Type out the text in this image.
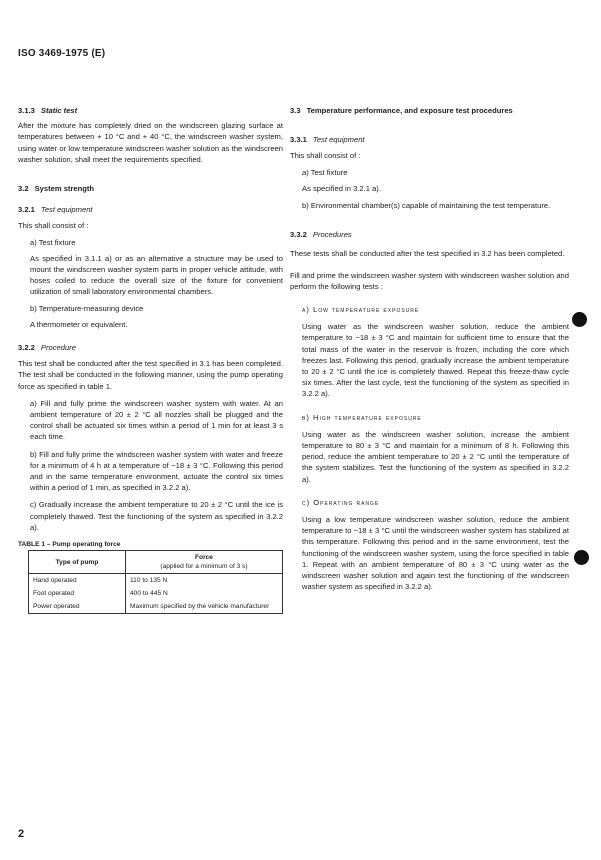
ISO 3469-1975 (E)

3.1.3 Static test

After the mixture has completely dried on the windscreen glazing surface at temperatures between + 10 °C and + 40 °C, the windscreen washer system, using water or low temperature windscreen washer solution as the windscreen washer solution, shall meet the requirements specified.

3.2 System strength

3.2.1 Test equipment

This shall consist of :

a) Test fixture

As specified in 3.1.1 a) or as an alternative a structure may be used to mount the windscreen washer system parts in proper vehicle attitude, with hoses coiled to reduce the overall size of the fixture for convenient utilization of small laboratory environmental chambers.

b) Temperature-measuring device

A thermometer or equivalent.

3.2.2 Procedure

This test shall be conducted after the test specified in 3.1 has been completed. The test shall be conducted in the following manner, using the pump operating force as specified in table 1.

a) Fill and fully prime the windscreen washer system with water. At an ambient temperature of 20 ± 2 °C all nozzles shall be plugged and the control shall be actuated six times within a period of 1 min for at least 3 s each time.

b) Fill and fully prime the windscreen washer system with water and freeze for a minimum of 4 h at a temperature of −18 ± 3 °C. Following this period and in the same temperature environment, actuate the control six times within a period of 1 min, as specified in 3.2.2 a).

c) Gradually increase the ambient temperature to 20 ± 2 °C until the ice is completely thawed. Test the functioning of the system as specified in 3.2.2 a).

TABLE 1 – Pump operating force

Type of pump	Force
(applied for a minimum of 3 s)
Hand operated	110 to 135 N
Foot operated	400 to 445 N
Power operated	Maximum specified by the vehicle manufacturer

3.3 Temperature performance, and exposure test procedures

3.3.1 Test equipment

This shall consist of :

a) Test fixture

As specified in 3.2.1 a).

b) Environmental chamber(s) capable of maintaining the test temperature.

3.3.2 Procedures

These tests shall be conducted after the test specified in 3.2 has been completed.

Fill and prime the windscreen washer system with windscreen washer solution and perform the following tests :

a) Low temperature exposure

Using water as the windscreen washer solution, reduce the ambient temperature to −18 ± 3 °C and maintain for sufficient time to ensure that the total mass of the water in the reservoir is frozen, including the core which freezes last. Following this period, gradually increase the ambient temperature to 20 ± 2 °C until the ice is completely thawed. Repeat this freeze-thaw cycle six times. After the last cycle, test the functioning of the system as specified in 3.2.2 a).

b) High temperature exposure

Using water as the windscreen washer solution, increase the ambient temperature to 80 ± 3 °C and maintain for a minimum of 8 h. Following this period, reduce the ambient temperature to 20 ± 2 °C until the temperature of the system stabilizes. Test the functioning of the system as specified in 3.2.2 a).

c) Operating range

Using a low temperature windscreen washer solution, reduce the ambient temperature to −18 ± 3 °C until the windscreen washer system has stabilized at this temperature. Following this period and in the same environment, test the functioning of the windscreen washer system, using the force specified in table 1. Repeat with an ambient temperature of 80 ± 3 °C using water as the windscreen washer solution and again test the functioning of the windscreen washer system as specified in 3.2.2 a).

2
